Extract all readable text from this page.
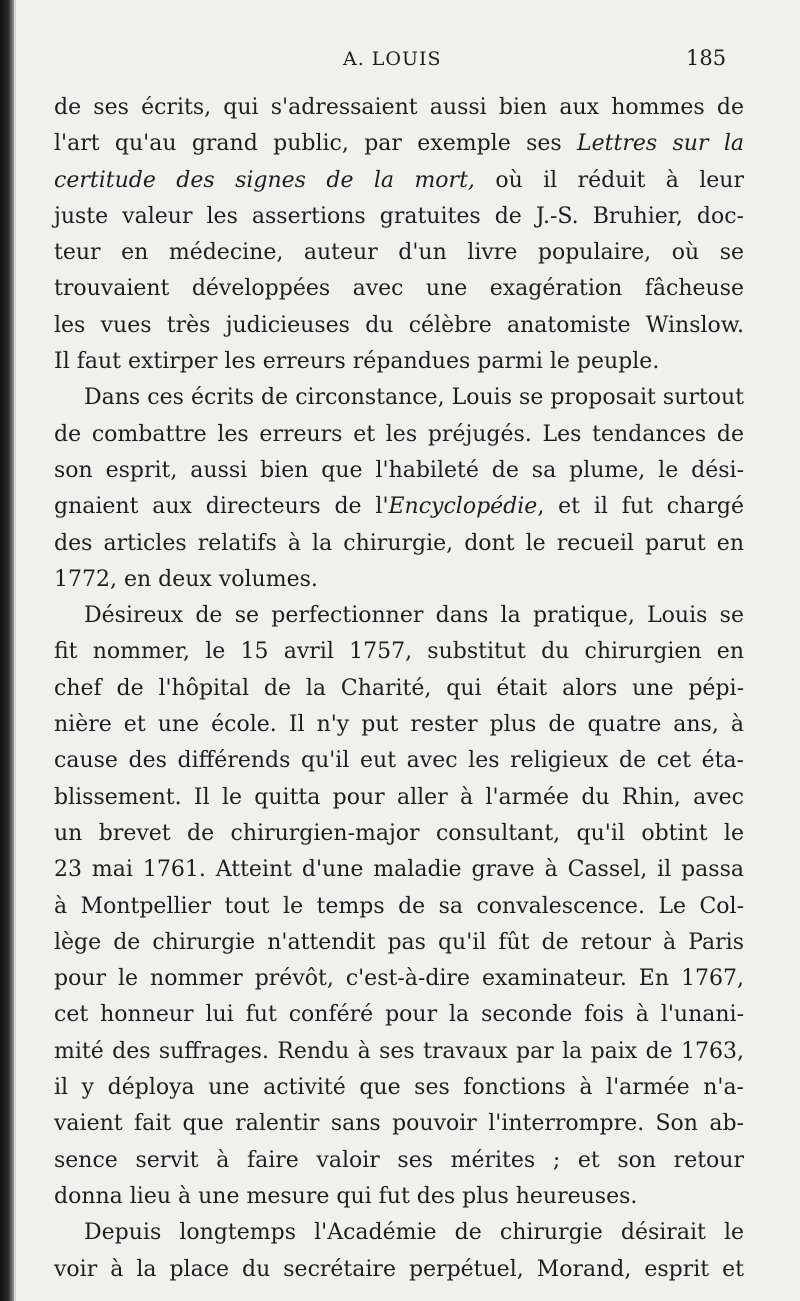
A. LOUIS	185
de ses écrits, qui s'adressaient aussi bien aux hommes de
l'art qu'au grand public, par exemple ses Lettres sur la
certitude des signes de la mort, où il réduit à leur
juste valeur les assertions gratuites de J.-S. Bruhier, doc-
teur en médecine, auteur d'un livre populaire, où se
trouvaient développées avec une exagération fâcheuse
les vues très judicieuses du célèbre anatomiste Winslow.
Il faut extirper les erreurs répandues parmi le peuple.
Dans ces écrits de circonstance, Louis se proposait surtout
de combattre les erreurs et les préjugés. Les tendances de
son esprit, aussi bien que l'habileté de sa plume, le dési-
gnaient aux directeurs de l'Encyclopédie, et il fut chargé
des articles relatifs à la chirurgie, dont le recueil parut en
1772, en deux volumes.
Désireux de se perfectionner dans la pratique, Louis se
fit nommer, le 15 avril 1757, substitut du chirurgien en
chef de l'hôpital de la Charité, qui était alors une pépi-
nière et une école. Il n'y put rester plus de quatre ans, à
cause des différends qu'il eut avec les religieux de cet éta-
blissement. Il le quitta pour aller à l'armée du Rhin, avec
un brevet de chirurgien-major consultant, qu'il obtint le
23 mai 1761. Atteint d'une maladie grave à Cassel, il passa
à Montpellier tout le temps de sa convalescence. Le Col-
lège de chirurgie n'attendit pas qu'il fût de retour à Paris
pour le nommer prévôt, c'est-à-dire examinateur. En 1767,
cet honneur lui fut conféré pour la seconde fois à l'unani-
mité des suffrages. Rendu à ses travaux par la paix de 1763,
il y déploya une activité que ses fonctions à l'armée n'a-
vaient fait que ralentir sans pouvoir l'interrompre. Son ab-
sence servit à faire valoir ses mérites ; et son retour
donna lieu à une mesure qui fut des plus heureuses.
Depuis longtemps l'Académie de chirurgie désirait le
voir à la place du secrétaire perpétuel, Morand, esprit et
